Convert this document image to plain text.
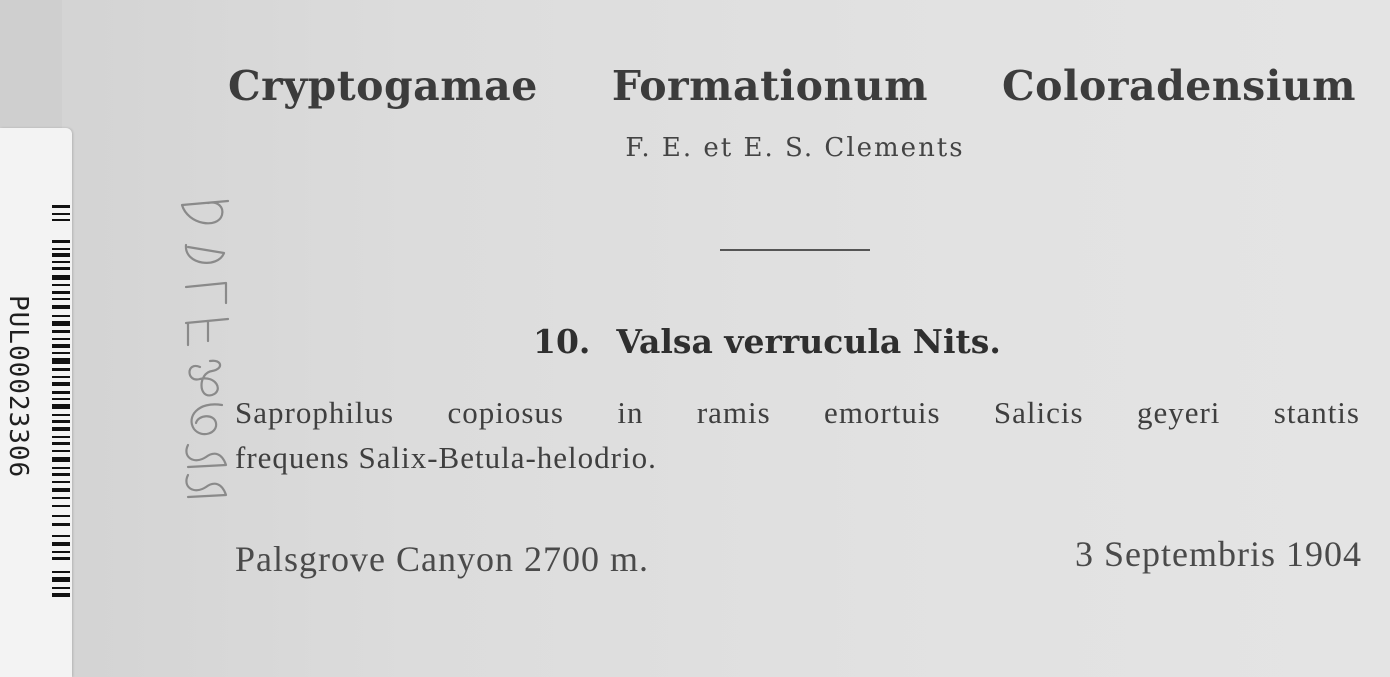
PUL00023306
Cryptogamae Formationum Coloradensium
F. E. et E. S. Clements
10. Valsa verrucula Nits.
Saprophilus copiosus in ramis emortuis Salicis geyeri stantis
frequens Salix-Betula-helodrio.
Palsgrove Canyon 2700 m.	3 Septembris 1904
